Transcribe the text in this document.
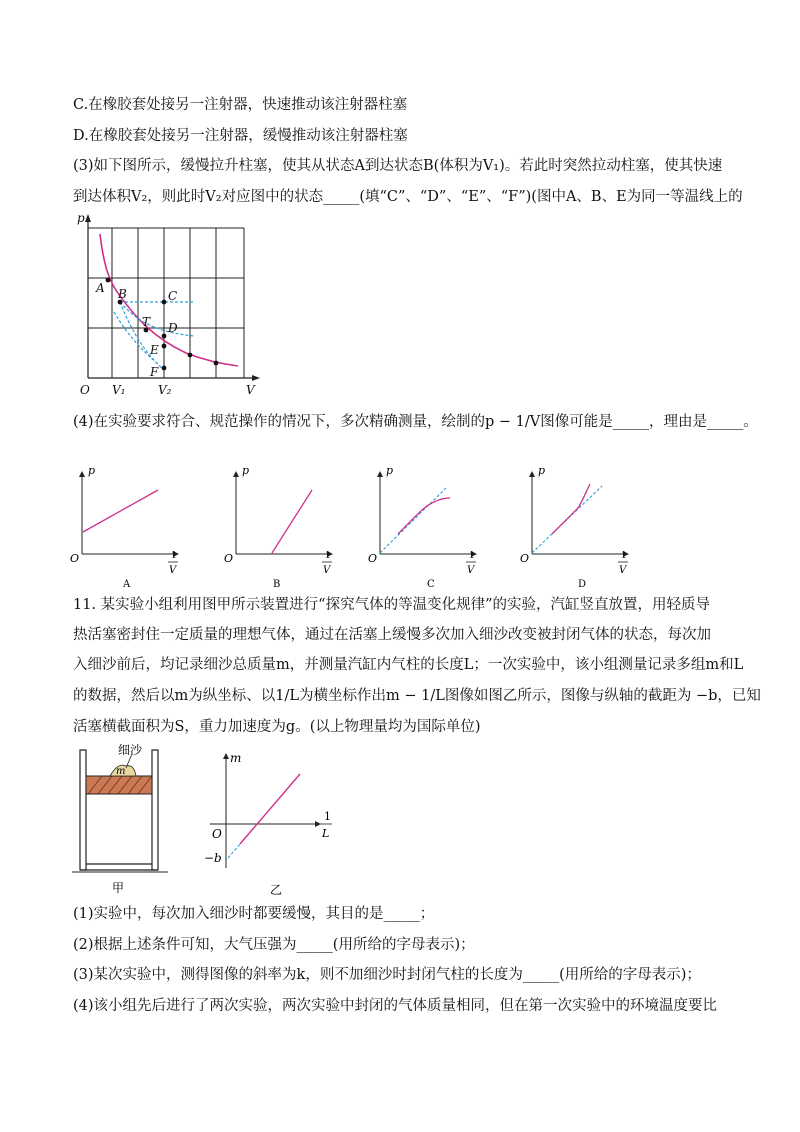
C.在橡胶套处接另一注射器，快速推动该注射器柱塞
D.在橡胶套处接另一注射器，缓慢推动该注射器柱塞
(3)如下图所示，缓慢拉升柱塞，使其从状态A到达状态B(体积为V₁)。若此时突然拉动柱塞，使其快速
到达体积V₂，则此时V₂对应图中的状态_____(填“C”、“D”、“E”、“F”)(图中A、B、E为同一等温线上的
p
V
O
A B	C
T D
E
F
V₁	V₂
(4)在实验要求符合、规范操作的情况下，多次精确测量，绘制的p − 1/V图像可能是_____，理由是_____。
p
O	1
V
A
p
O	1
V
B
p
O	1
V
C
p
O	1
V
D
11. 某实验小组利用图甲所示装置进行“探究气体的等温变化规律”的实验，汽缸竖直放置，用轻质导
热活塞密封住一定质量的理想气体，通过在活塞上缓慢多次加入细沙改变被封闭气体的状态，每次加
入细沙前后，均记录细沙总质量m，并测量汽缸内气柱的长度L；一次实验中，该小组测量记录多组m和L
的数据，然后以m为纵坐标、以1/L为横坐标作出m − 1/L图像如图乙所示，图像与纵轴的截距为 −b，已知
活塞横截面积为S，重力加速度为g。(以上物理量均为国际单位)
细沙
m
甲
m
O
−b
1
L
乙
(1)实验中，每次加入细沙时都要缓慢，其目的是_____；
(2)根据上述条件可知，大气压强为_____(用所给的字母表示)；
(3)某次实验中，测得图像的斜率为k，则不加细沙时封闭气柱的长度为_____(用所给的字母表示)；
(4)该小组先后进行了两次实验，两次实验中封闭的气体质量相同，但在第一次实验中的环境温度要比
